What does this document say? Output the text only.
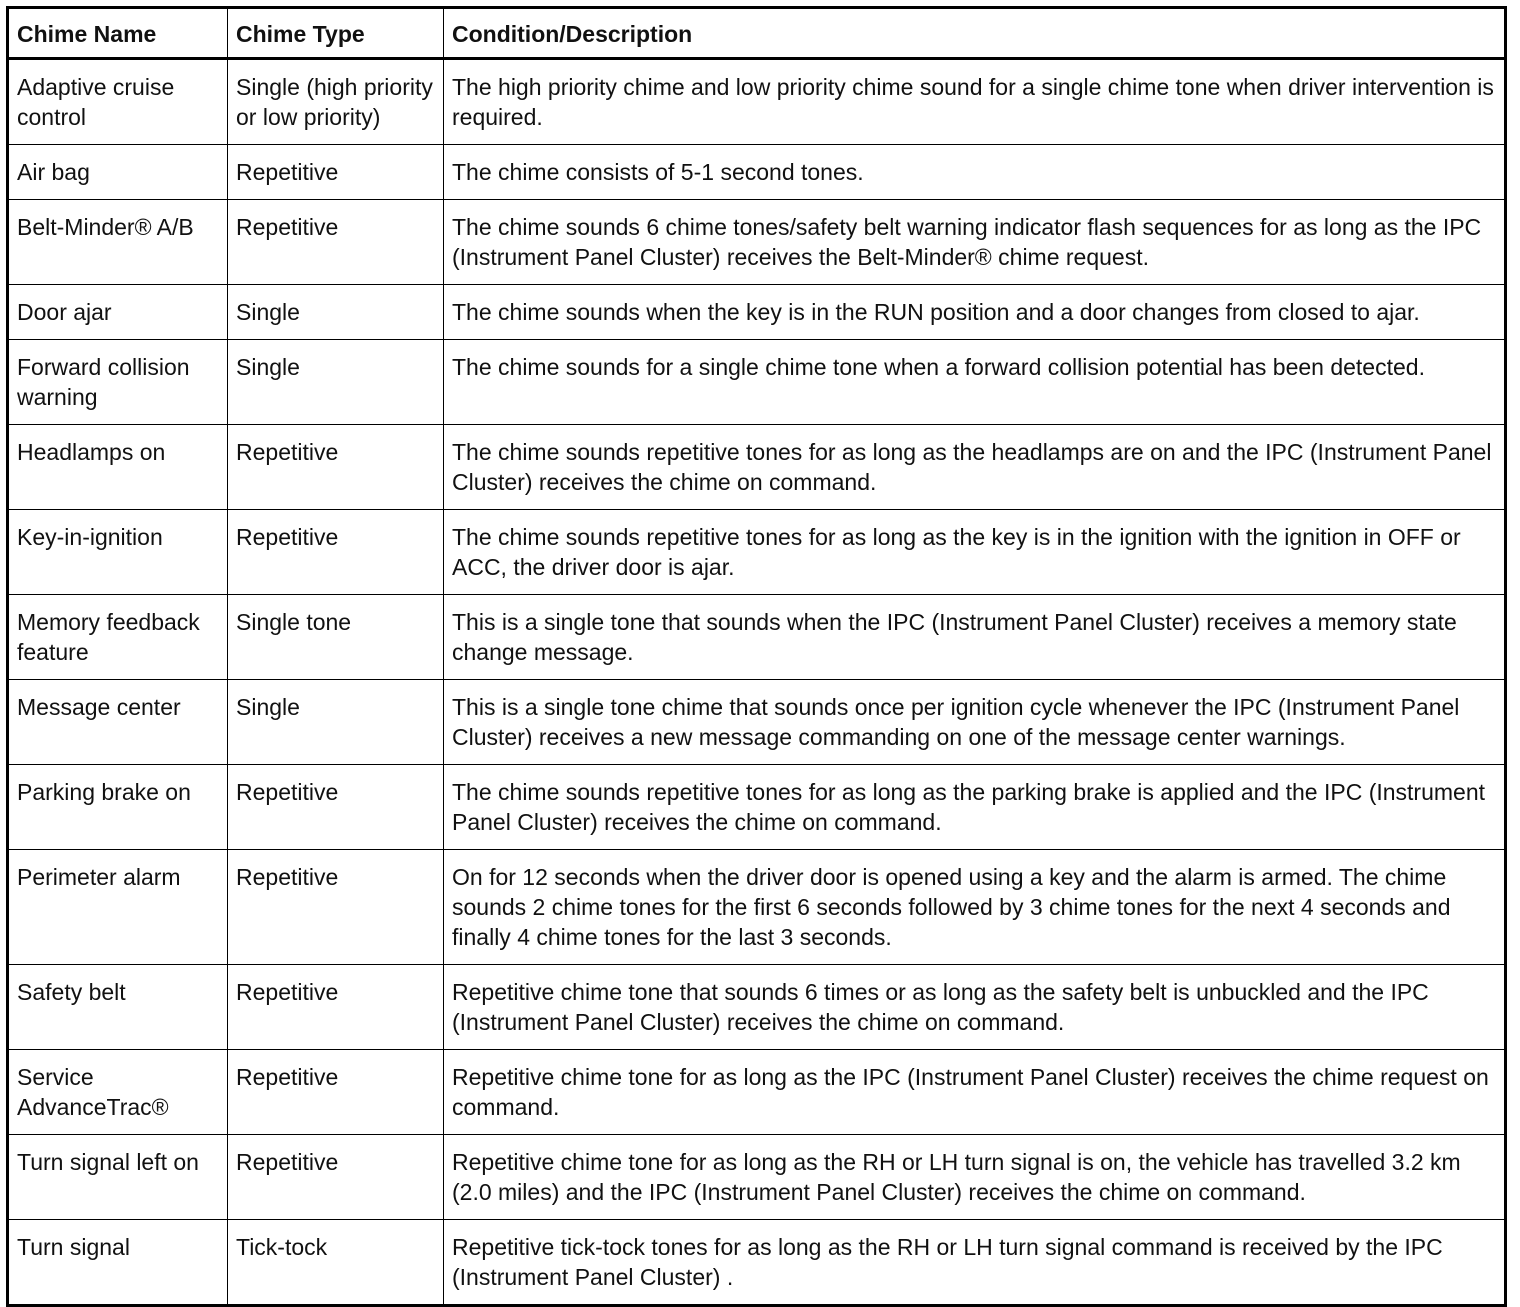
Chime Name	Chime Type	Condition/Description
Adaptive cruise control	Single (high priority or low priority)	The high priority chime and low priority chime sound for a single chime tone when driver intervention is required.
Air bag	Repetitive	The chime consists of 5-1 second tones.
Belt-Minder® A/B	Repetitive	The chime sounds 6 chime tones/safety belt warning indicator flash sequences for as long as the IPC (Instrument Panel Cluster) receives the Belt-Minder® chime request.
Door ajar	Single	The chime sounds when the key is in the RUN position and a door changes from closed to ajar.
Forward collision warning	Single	The chime sounds for a single chime tone when a forward collision potential has been detected.
Headlamps on	Repetitive	The chime sounds repetitive tones for as long as the headlamps are on and the IPC (Instrument Panel Cluster) receives the chime on command.
Key-in-ignition	Repetitive	The chime sounds repetitive tones for as long as the key is in the ignition with the ignition in OFF or ACC, the driver door is ajar.
Memory feedback feature	Single tone	This is a single tone that sounds when the IPC (Instrument Panel Cluster) receives a memory state change message.
Message center	Single	This is a single tone chime that sounds once per ignition cycle whenever the IPC (Instrument Panel Cluster) receives a new message commanding on one of the message center warnings.
Parking brake on	Repetitive	The chime sounds repetitive tones for as long as the parking brake is applied and the IPC (Instrument Panel Cluster) receives the chime on command.
Perimeter alarm	Repetitive	On for 12 seconds when the driver door is opened using a key and the alarm is armed. The chime sounds 2 chime tones for the first 6 seconds followed by 3 chime tones for the next 4 seconds and finally 4 chime tones for the last 3 seconds.
Safety belt	Repetitive	Repetitive chime tone that sounds 6 times or as long as the safety belt is unbuckled and the IPC (Instrument Panel Cluster) receives the chime on command.
Service AdvanceTrac®	Repetitive	Repetitive chime tone for as long as the IPC (Instrument Panel Cluster) receives the chime request on command.
Turn signal left on	Repetitive	Repetitive chime tone for as long as the RH or LH turn signal is on, the vehicle has travelled 3.2 km (2.0 miles) and the IPC (Instrument Panel Cluster) receives the chime on command.
Turn signal	Tick-tock	Repetitive tick-tock tones for as long as the RH or LH turn signal command is received by the IPC (Instrument Panel Cluster) .
